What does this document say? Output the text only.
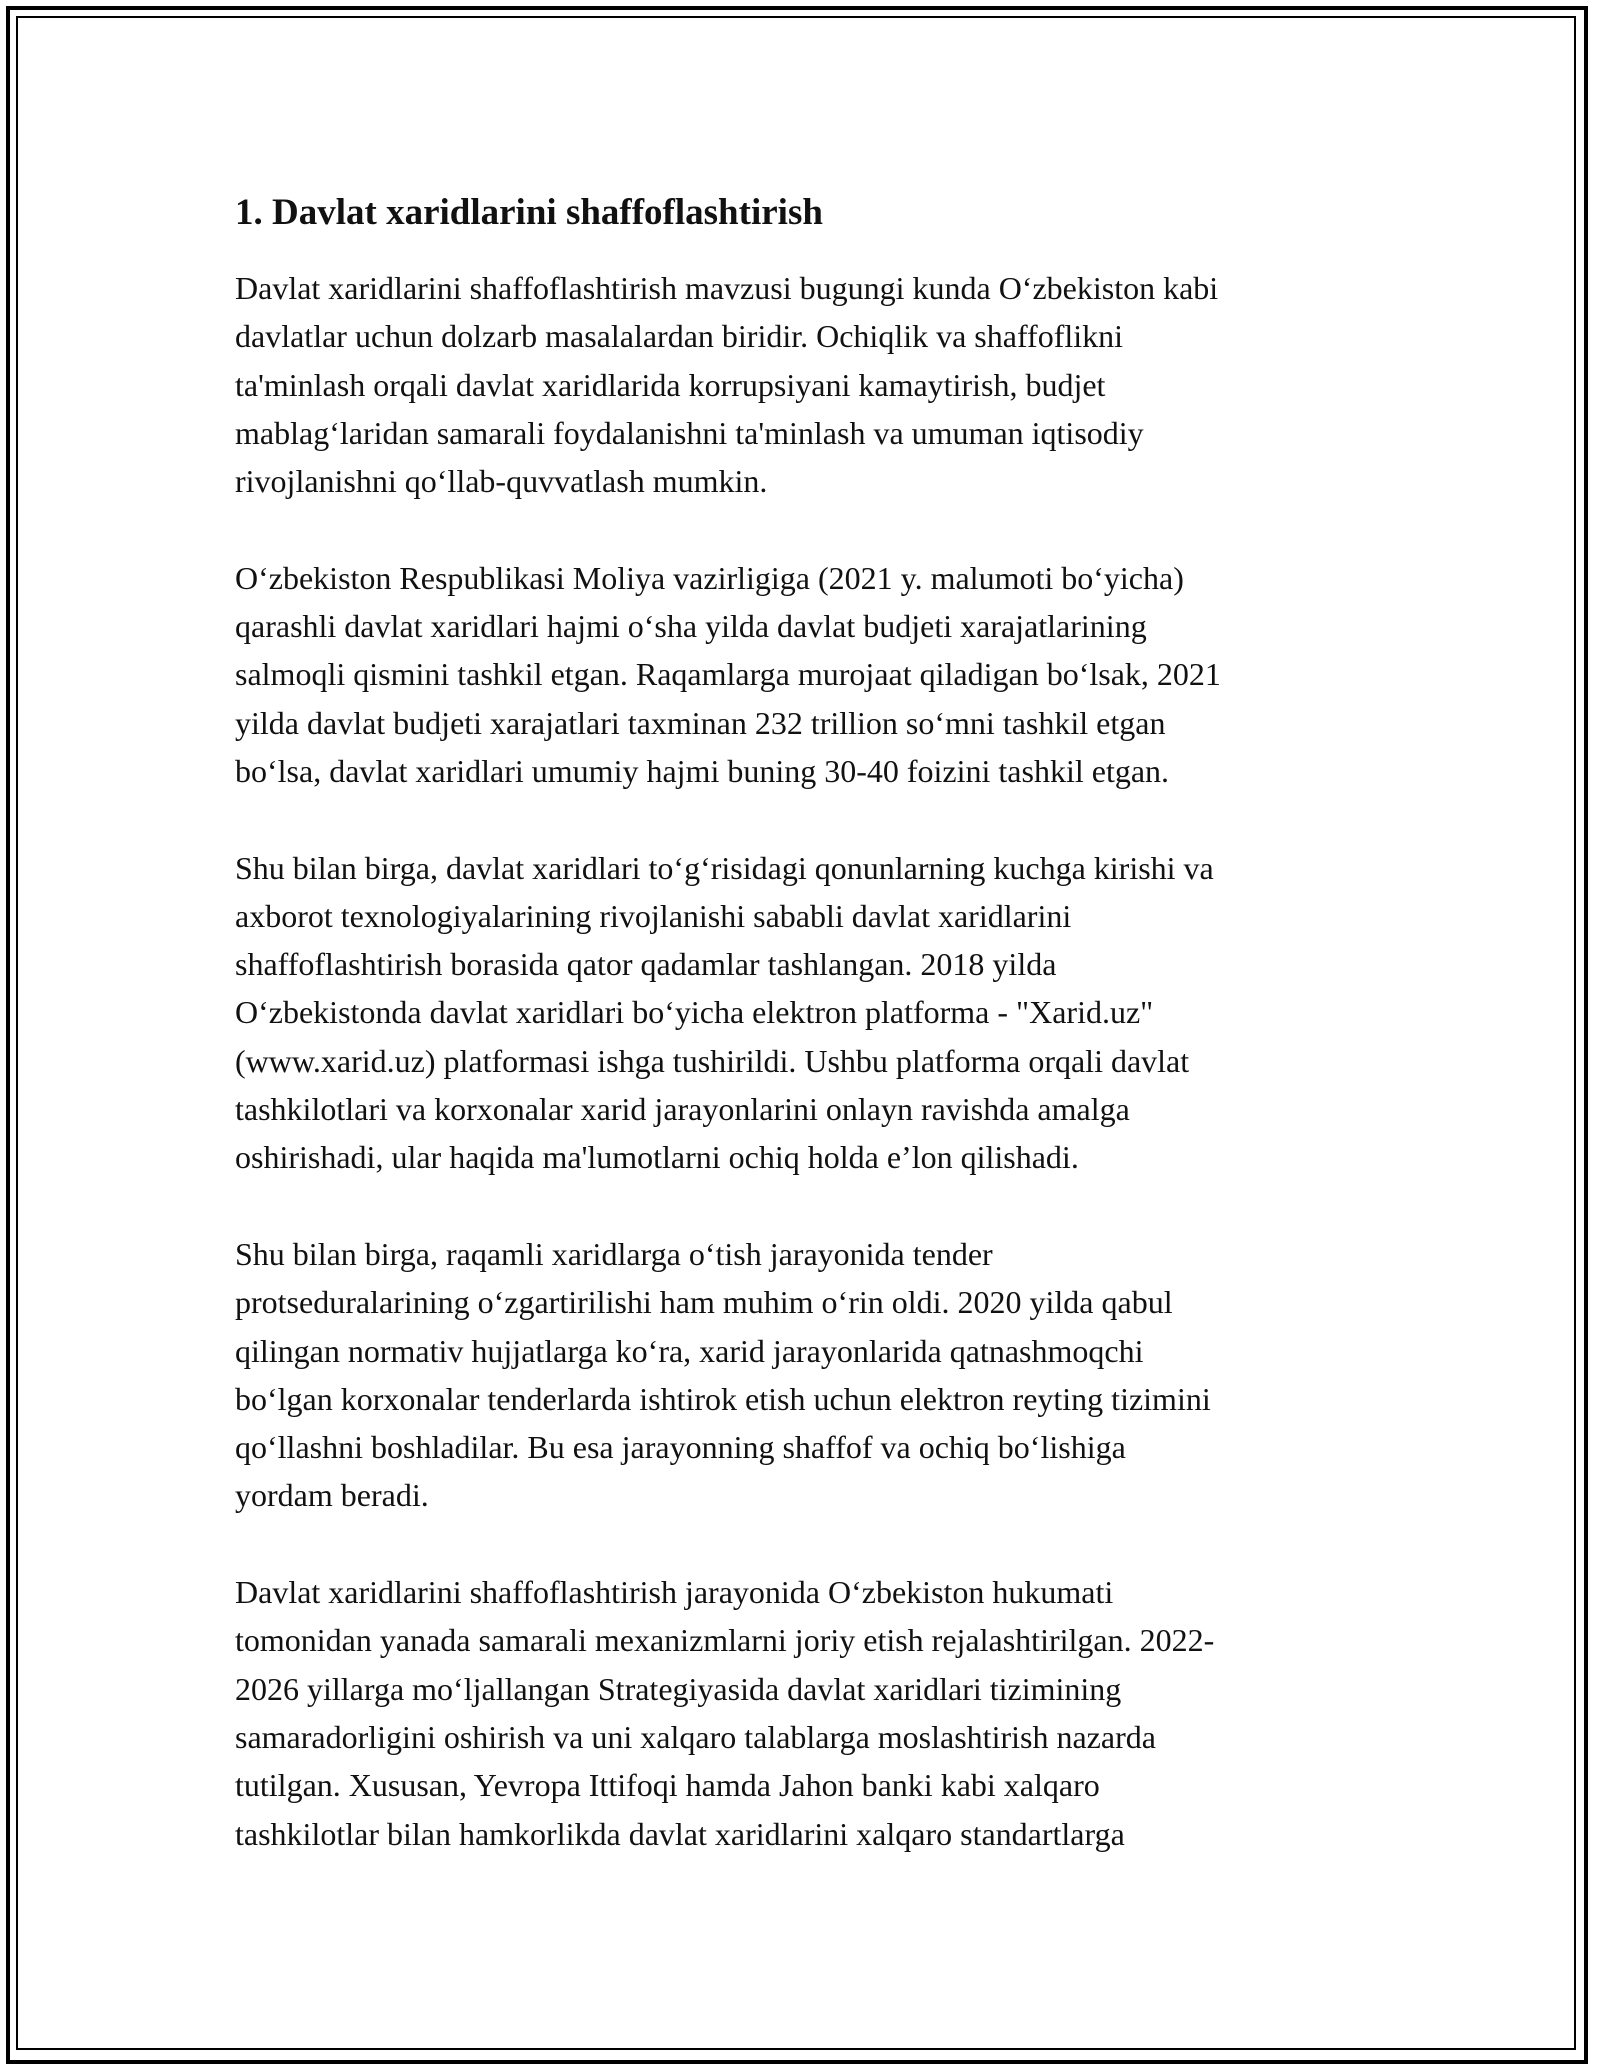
1. Davlat xaridlarini shaffoflashtirish

Davlat xaridlarini shaffoflashtirish mavzusi bugungi kunda O‘zbekiston kabi
davlatlar uchun dolzarb masalalardan biridir. Ochiqlik va shaffoflikni
ta'minlash orqali davlat xaridlarida korrupsiyani kamaytirish, budjet
mablag‘laridan samarali foydalanishni ta'minlash va umuman iqtisodiy
rivojlanishni qo‘llab-quvvatlash mumkin.

O‘zbekiston Respublikasi Moliya vazirligiga (2021 y. malumoti bo‘yicha)
qarashli davlat xaridlari hajmi o‘sha yilda davlat budjeti xarajatlarining
salmoqli qismini tashkil etgan. Raqamlarga murojaat qiladigan bo‘lsak, 2021
yilda davlat budjeti xarajatlari taxminan 232 trillion so‘mni tashkil etgan
bo‘lsa, davlat xaridlari umumiy hajmi buning 30-40 foizini tashkil etgan.

Shu bilan birga, davlat xaridlari to‘g‘risidagi qonunlarning kuchga kirishi va
axborot texnologiyalarining rivojlanishi sababli davlat xaridlarini
shaffoflashtirish borasida qator qadamlar tashlangan. 2018 yilda
O‘zbekistonda davlat xaridlari bo‘yicha elektron platforma - "Xarid.uz"
(www.xarid.uz) platformasi ishga tushirildi. Ushbu platforma orqali davlat
tashkilotlari va korxonalar xarid jarayonlarini onlayn ravishda amalga
oshirishadi, ular haqida ma'lumotlarni ochiq holda e’lon qilishadi.

Shu bilan birga, raqamli xaridlarga o‘tish jarayonida tender
protseduralarining o‘zgartirilishi ham muhim o‘rin oldi. 2020 yilda qabul
qilingan normativ hujjatlarga ko‘ra, xarid jarayonlarida qatnashmoqchi
bo‘lgan korxonalar tenderlarda ishtirok etish uchun elektron reyting tizimini
qo‘llashni boshladilar. Bu esa jarayonning shaffof va ochiq bo‘lishiga
yordam beradi.

Davlat xaridlarini shaffoflashtirish jarayonida O‘zbekiston hukumati
tomonidan yanada samarali mexanizmlarni joriy etish rejalashtirilgan. 2022-
2026 yillarga mo‘ljallangan Strategiyasida davlat xaridlari tizimining
samaradorligini oshirish va uni xalqaro talablarga moslashtirish nazarda
tutilgan. Xususan, Yevropa Ittifoqi hamda Jahon banki kabi xalqaro
tashkilotlar bilan hamkorlikda davlat xaridlarini xalqaro standartlarga
